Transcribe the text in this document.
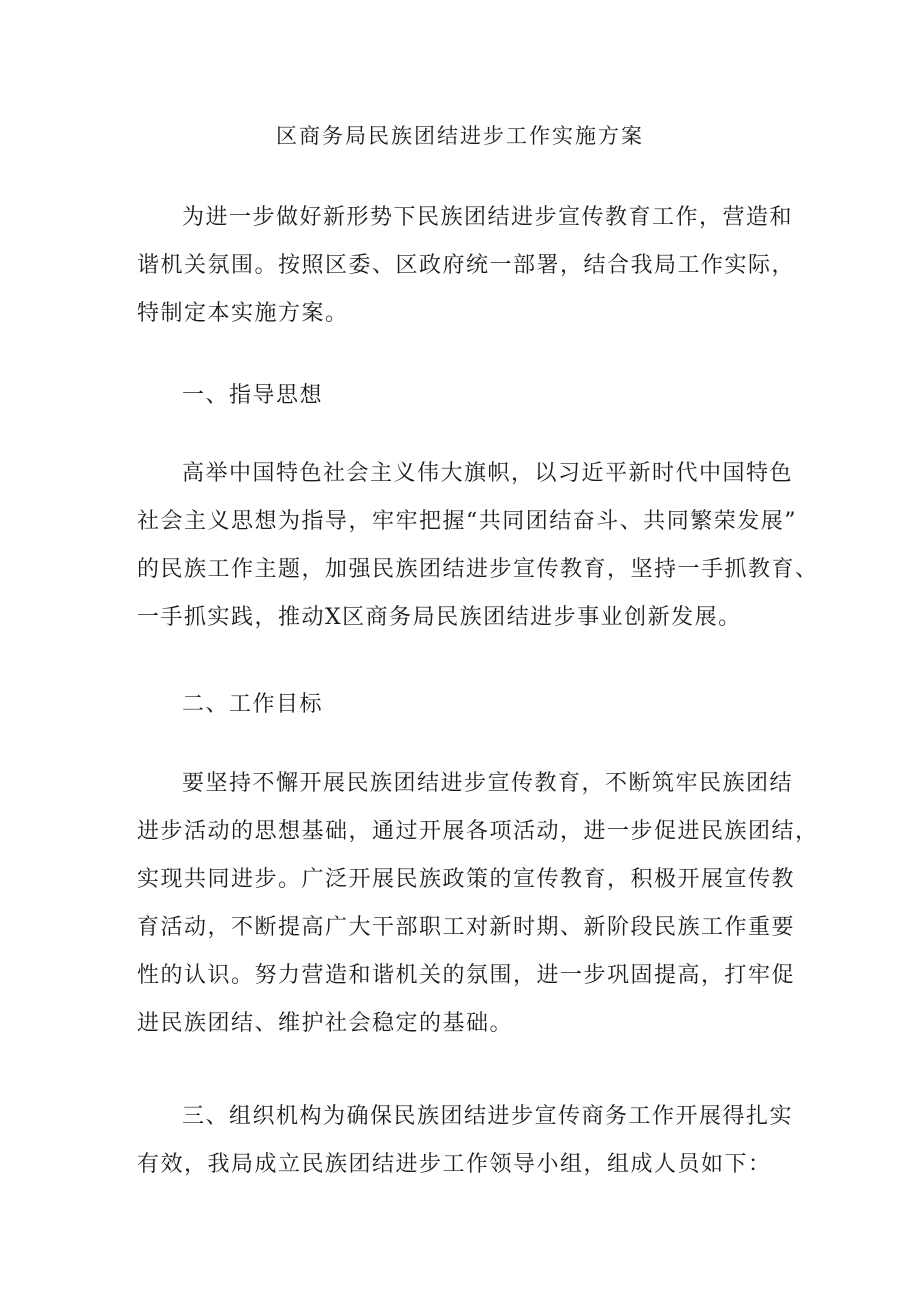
区商务局民族团结进步工作实施方案

为进一步做好新形势下民族团结进步宣传教育工作，营造和
谐机关氛围。按照区委、区政府统一部署，结合我局工作实际，
特制定本实施方案。

一、指导思想

高举中国特色社会主义伟大旗帜，以习近平新时代中国特色
社会主义思想为指导，牢牢把握“共同团结奋斗、共同繁荣发展”
的民族工作主题，加强民族团结进步宣传教育，坚持一手抓教育、
一手抓实践，推动X区商务局民族团结进步事业创新发展。

二、工作目标

要坚持不懈开展民族团结进步宣传教育，不断筑牢民族团结
进步活动的思想基础，通过开展各项活动，进一步促进民族团结，
实现共同进步。广泛开展民族政策的宣传教育，积极开展宣传教
育活动，不断提高广大干部职工对新时期、新阶段民族工作重要
性的认识。努力营造和谐机关的氛围，进一步巩固提高，打牢促
进民族团结、维护社会稳定的基础。

三、组织机构为确保民族团结进步宣传商务工作开展得扎实
有效，我局成立民族团结进步工作领导小组，组成人员如下：
